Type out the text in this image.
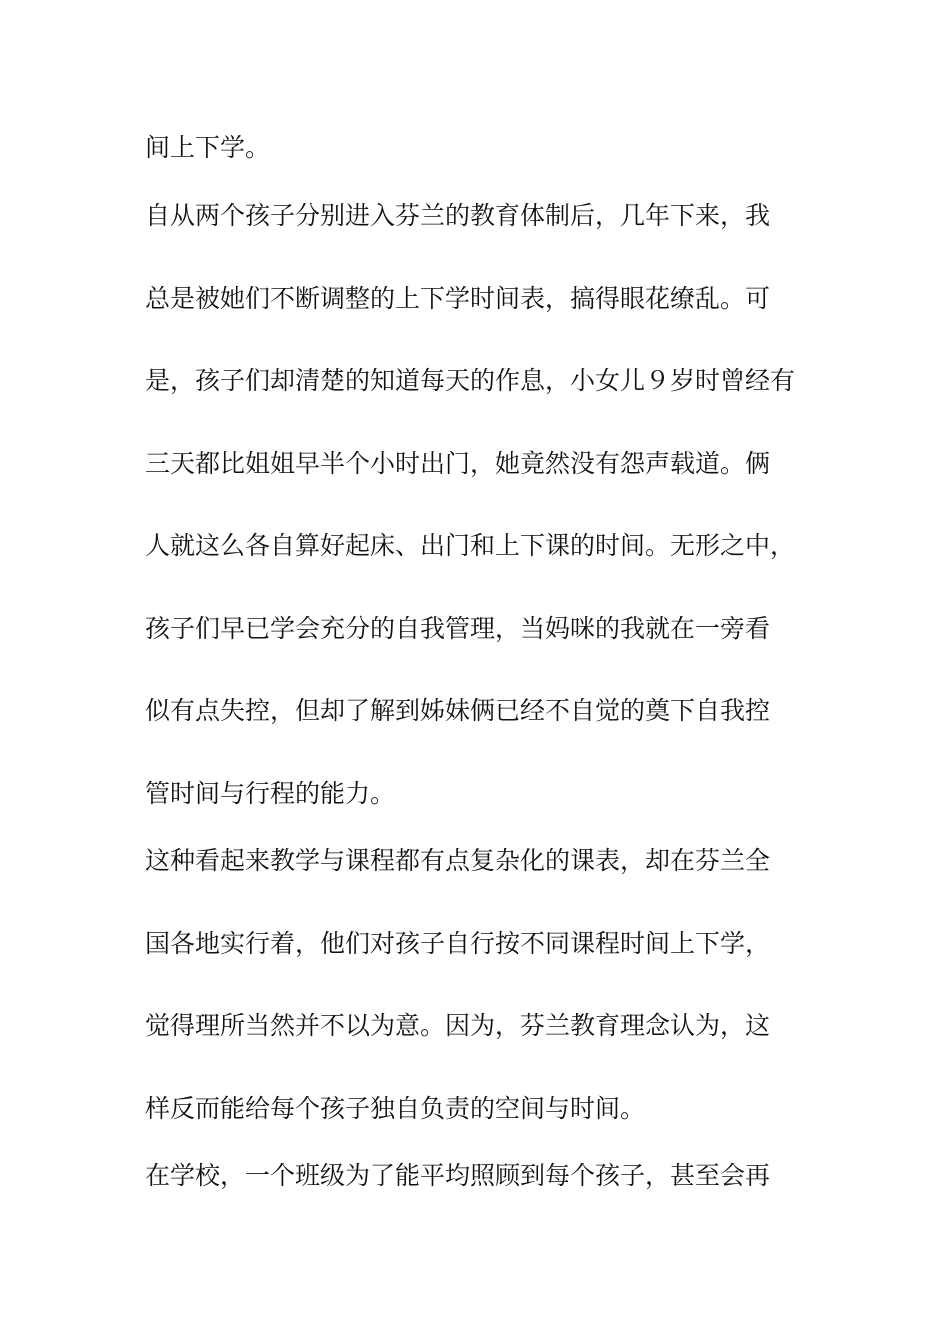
间上下学。

自从两个孩子分别进入芬兰的教育体制后，几年下来，我

总是被她们不断调整的上下学时间表，搞得眼花缭乱。可

是，孩子们却清楚的知道每天的作息，小女儿９岁时曾经有

三天都比姐姐早半个小时出门，她竟然没有怨声载道。俩

人就这么各自算好起床、出门和上下课的时间。无形之中，

孩子们早已学会充分的自我管理，当妈咪的我就在一旁看

似有点失控，但却了解到姊妹俩已经不自觉的奠下自我控

管时间与行程的能力。

这种看起来教学与课程都有点复杂化的课表，却在芬兰全

国各地实行着，他们对孩子自行按不同课程时间上下学，

觉得理所当然并不以为意。因为，芬兰教育理念认为，这

样反而能给每个孩子独自负责的空间与时间。

在学校，一个班级为了能平均照顾到每个孩子，甚至会再
